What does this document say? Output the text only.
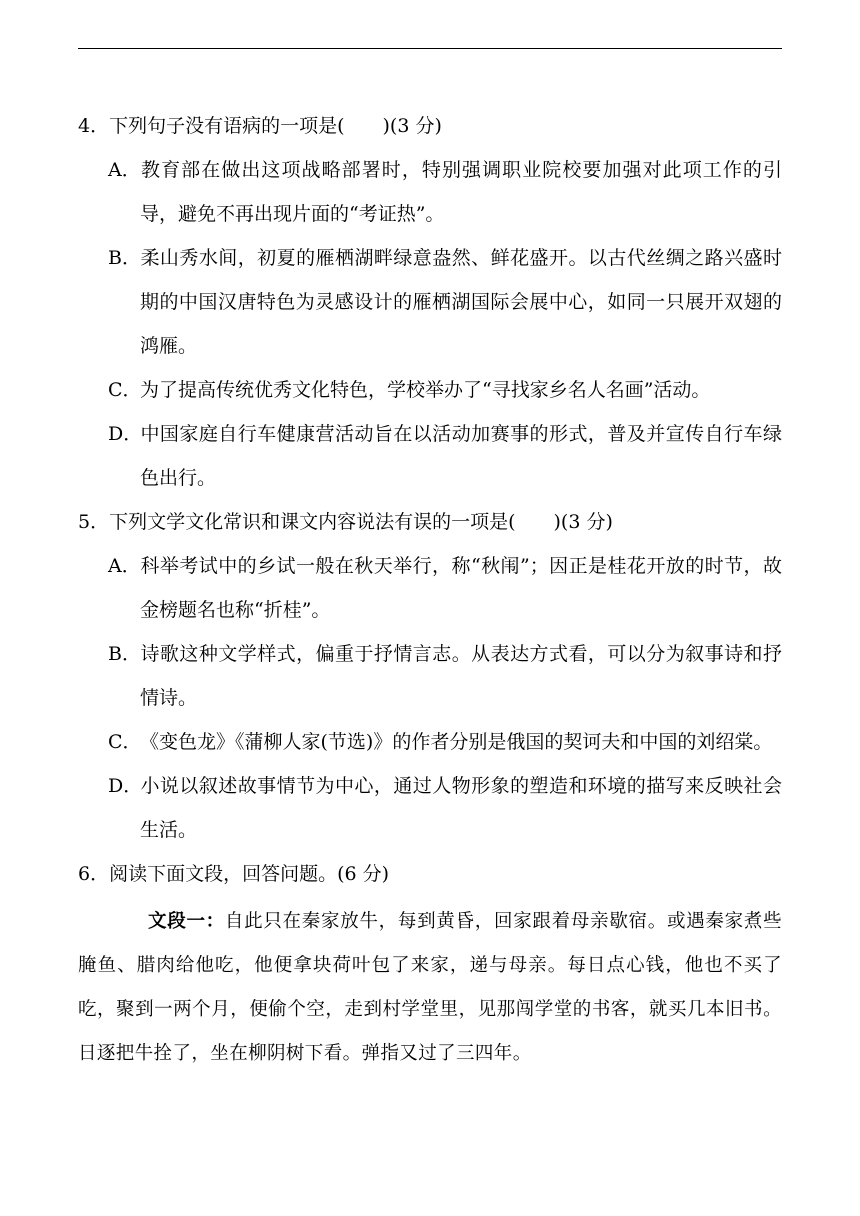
4．下列句子没有语病的一项是(　　)(3 分)

A．教育部在做出这项战略部署时，特别强调职业院校要加强对此项工作的引导，避免不再出现片面的“考证热”。

B．柔山秀水间，初夏的雁栖湖畔绿意盎然、鲜花盛开。以古代丝绸之路兴盛时期的中国汉唐特色为灵感设计的雁栖湖国际会展中心，如同一只展开双翅的鸿雁。

C．为了提高传统优秀文化特色，学校举办了“寻找家乡名人名画”活动。

D．中国家庭自行车健康营活动旨在以活动加赛事的形式，普及并宣传自行车绿色出行。

5．下列文学文化常识和课文内容说法有误的一项是(　　)(3 分)

A．科举考试中的乡试一般在秋天举行，称“秋闱”；因正是桂花开放的时节，故金榜题名也称“折桂”。

B．诗歌这种文学样式，偏重于抒情言志。从表达方式看，可以分为叙事诗和抒情诗。

C．《变色龙》《蒲柳人家(节选)》的作者分别是俄国的契诃夫和中国的刘绍棠。

D．小说以叙述故事情节为中心，通过人物形象的塑造和环境的描写来反映社会生活。

6．阅读下面文段，回答问题。(6 分)

文段一：自此只在秦家放牛，每到黄昏，回家跟着母亲歇宿。或遇秦家煮些腌鱼、腊肉给他吃，他便拿块荷叶包了来家，递与母亲。每日点心钱，他也不买了吃，聚到一两个月，便偷个空，走到村学堂里，见那闯学堂的书客，就买几本旧书。日逐把牛拴了，坐在柳阴树下看。弹指又过了三四年。
